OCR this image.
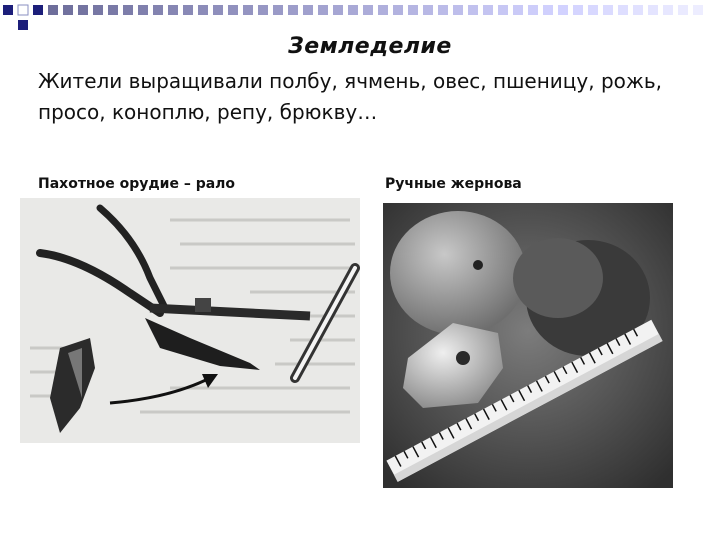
Земледелие
Жители выращивали полбу, ячмень, овес, пшеницу, рожь, просо, коноплю, репу, брюкву…
Пахотное орудие – рало	Ручные жернова
